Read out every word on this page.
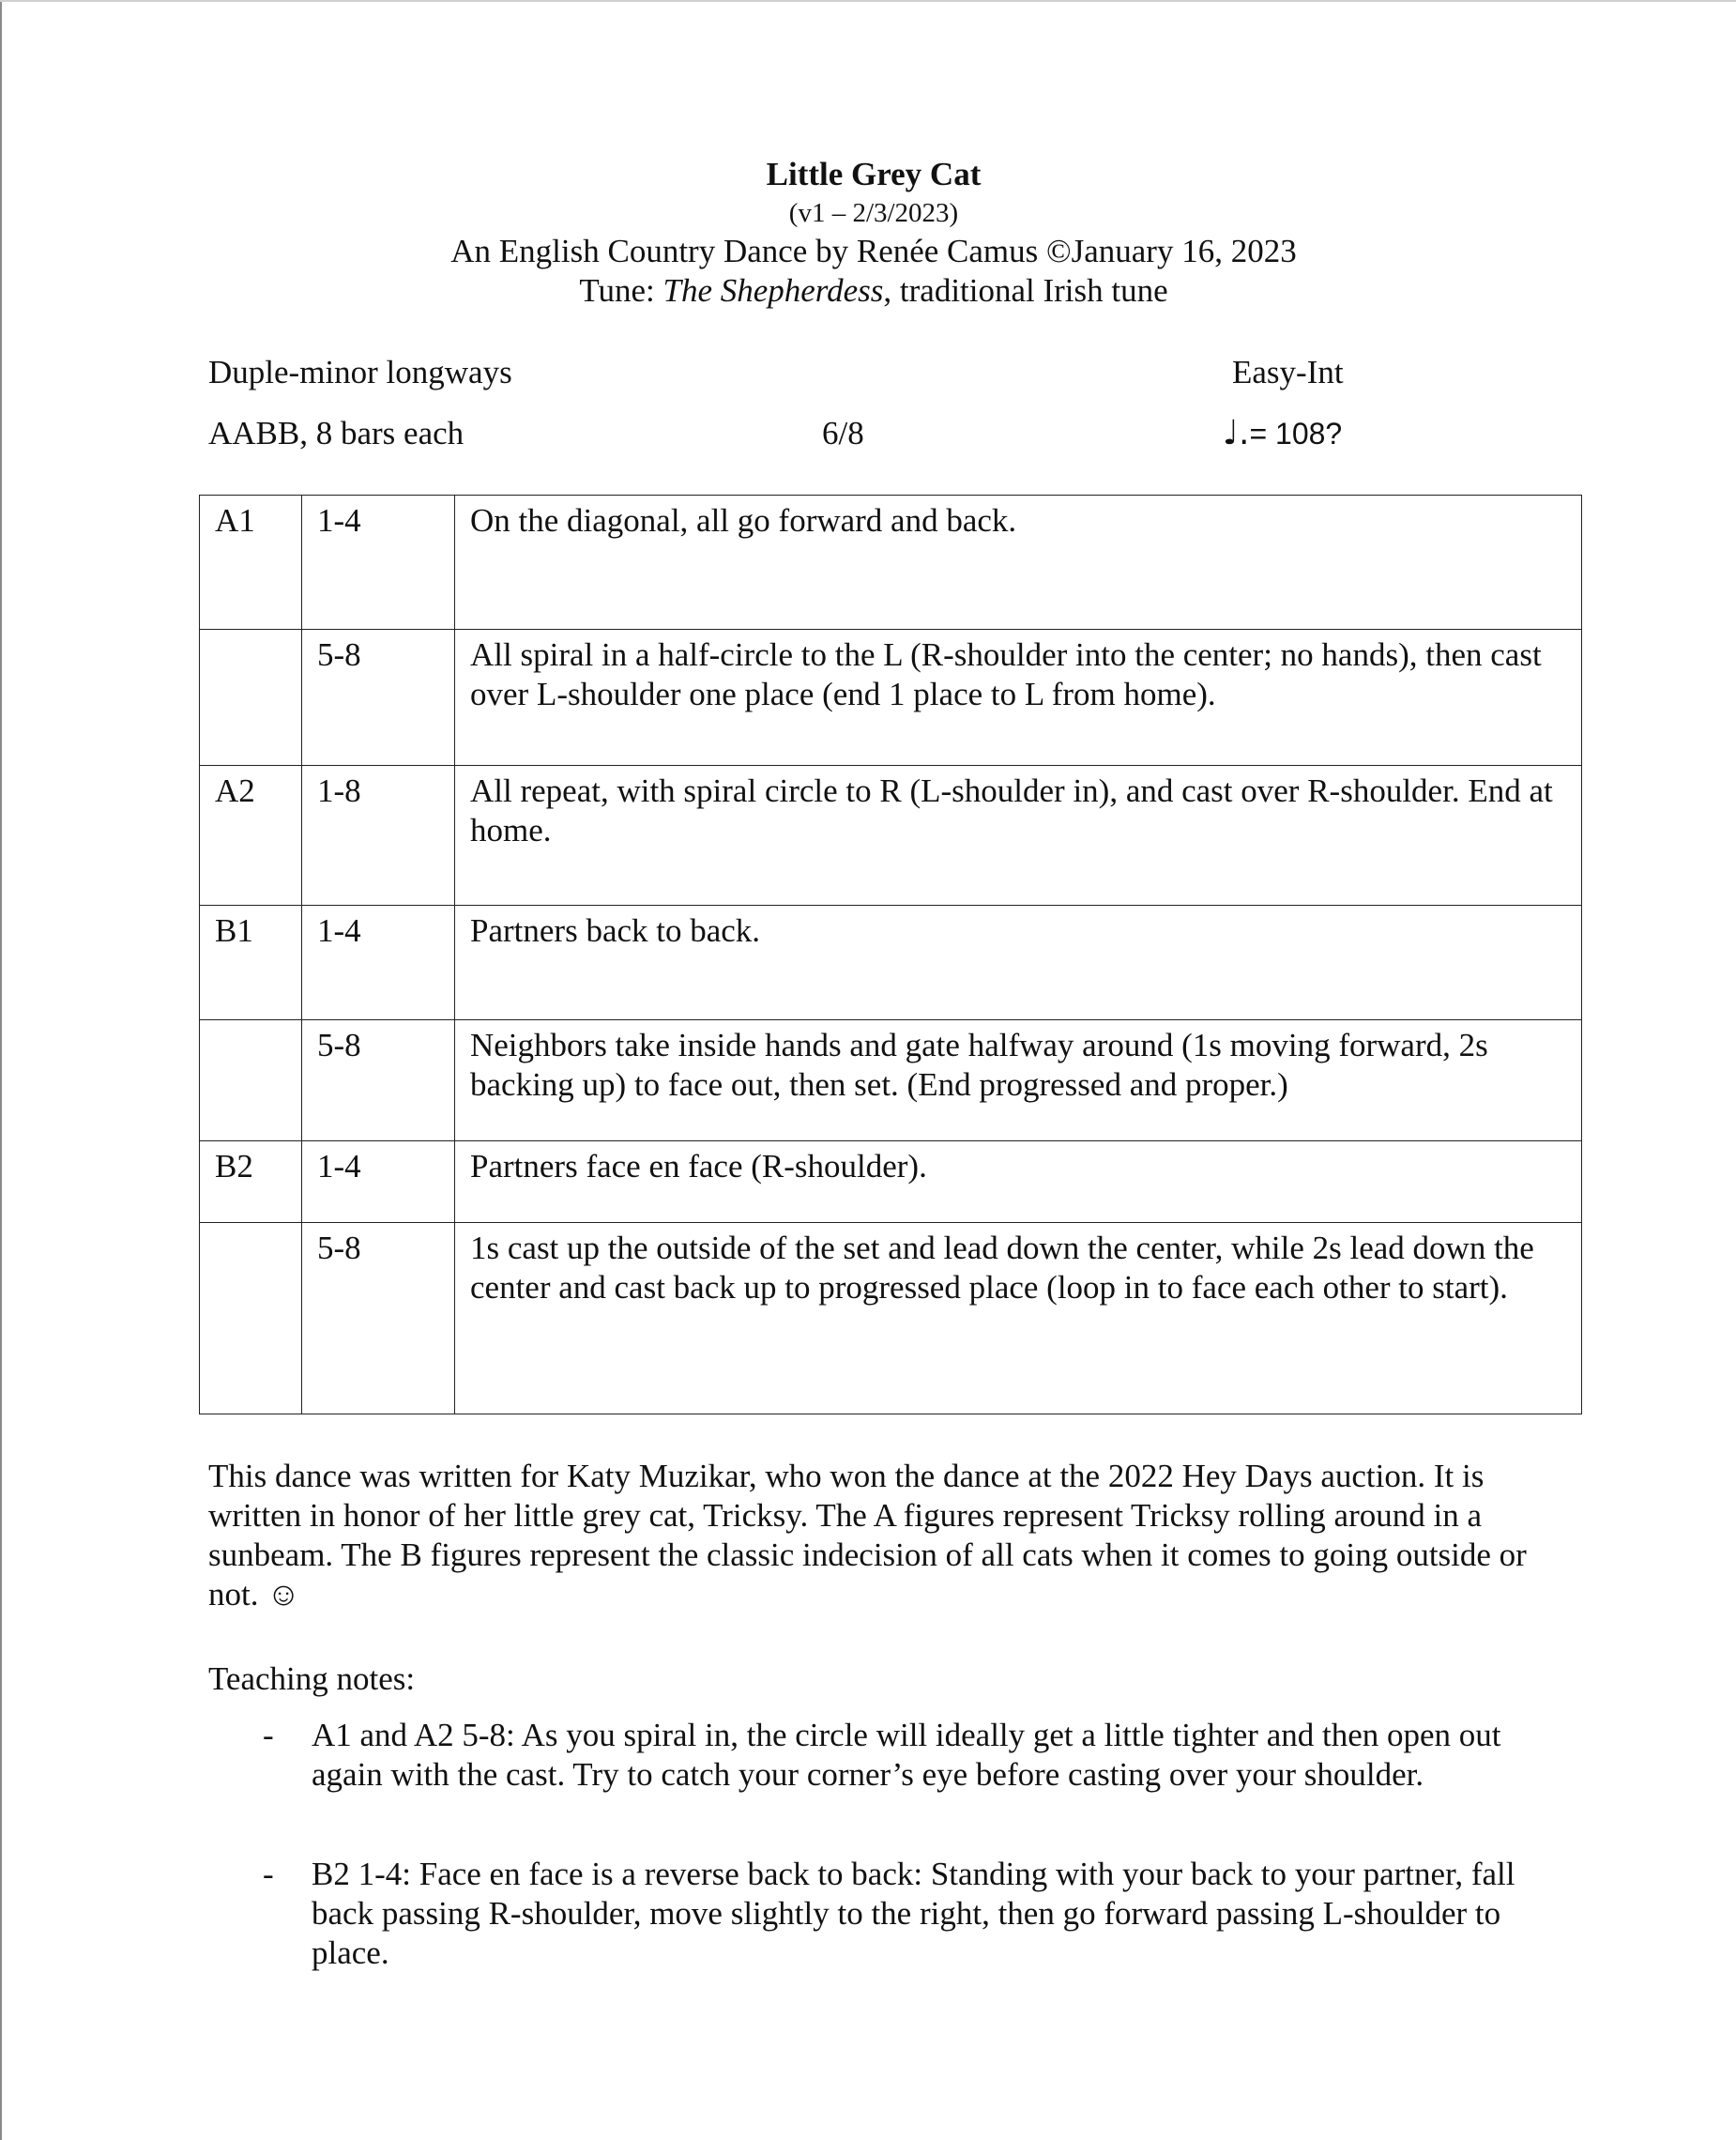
Little Grey Cat
(v1 – 2/3/2023)
An English Country Dance by Renée Camus ©January 16, 2023
Tune: The Shepherdess, traditional Irish tune
Duple-minor longways	Easy-Int
AABB, 8 bars each	6/8	♩.= 108?
A1	1-4	On the diagonal, all go forward and back.
	5-8	All spiral in a half-circle to the L (R-shoulder into the center; no hands), then cast over L-shoulder one place (end 1 place to L from home).
A2	1-8	All repeat, with spiral circle to R (L-shoulder in), and cast over R-shoulder. End at home.
B1	1-4	Partners back to back.
	5-8	Neighbors take inside hands and gate halfway around (1s moving forward, 2s backing up) to face out, then set. (End progressed and proper.)
B2	1-4	Partners face en face (R-shoulder).
	5-8	1s cast up the outside of the set and lead down the center, while 2s lead down the center and cast back up to progressed place (loop in to face each other to start).
This dance was written for Katy Muzikar, who won the dance at the 2022 Hey Days auction. It is written in honor of her little grey cat, Tricksy. The A figures represent Tricksy rolling around in a sunbeam. The B figures represent the classic indecision of all cats when it comes to going outside or not. ☺
Teaching notes:
- A1 and A2 5-8: As you spiral in, the circle will ideally get a little tighter and then open out again with the cast. Try to catch your corner’s eye before casting over your shoulder.
- B2 1-4: Face en face is a reverse back to back: Standing with your back to your partner, fall back passing R-shoulder, move slightly to the right, then go forward passing L-shoulder to place.
